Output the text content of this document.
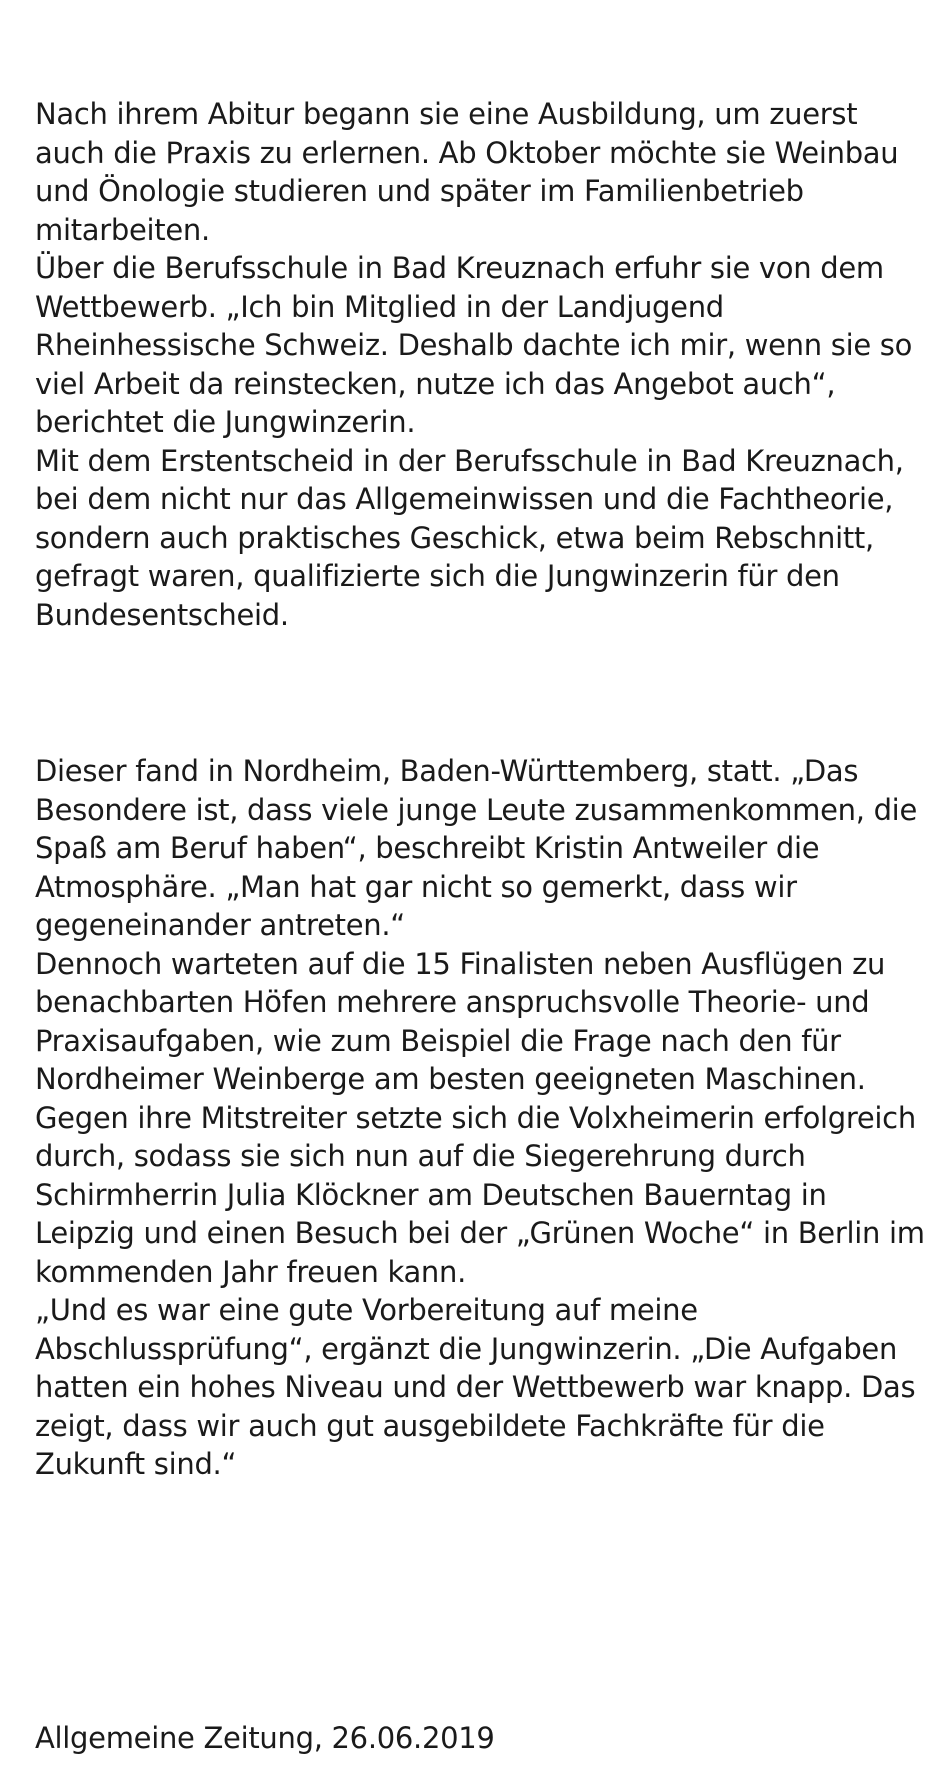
Nach ihrem Abitur begann sie eine Ausbildung, um zuerst auch die Praxis zu erlernen. Ab Oktober möchte sie Weinbau und Önologie studieren und später im Familienbetrieb mitarbeiten.

Über die Berufsschule in Bad Kreuznach erfuhr sie von dem Wettbewerb. „Ich bin Mitglied in der Landjugend Rheinhessische Schweiz. Deshalb dachte ich mir, wenn sie so viel Arbeit da reinstecken, nutze ich das Angebot auch“, berichtet die Jungwinzerin.

Mit dem Erstentscheid in der Berufsschule in Bad Kreuznach, bei dem nicht nur das Allgemeinwissen und die Fachtheorie, sondern auch praktisches Geschick, etwa beim Rebschnitt, gefragt waren, qualifizierte sich die Jungwinzerin für den Bundesentscheid.

Dieser fand in Nordheim, Baden-Württemberg, statt. „Das Besondere ist, dass viele junge Leute zusammenkommen, die Spaß am Beruf haben“, beschreibt Kristin Antweiler die Atmosphäre. „Man hat gar nicht so gemerkt, dass wir gegeneinander antreten.“

Dennoch warteten auf die 15 Finalisten neben Ausflügen zu benachbarten Höfen mehrere anspruchsvolle Theorie- und Praxisaufgaben, wie zum Beispiel die Frage nach den für Nordheimer Weinberge am besten geeigneten Maschinen.

Gegen ihre Mitstreiter setzte sich die Volxheimerin erfolgreich durch, sodass sie sich nun auf die Siegerehrung durch Schirmherrin Julia Klöckner am Deutschen Bauerntag in Leipzig und einen Besuch bei der „Grünen Woche“ in Berlin im kommenden Jahr freuen kann.

„Und es war eine gute Vorbereitung auf meine Abschlussprüfung“, ergänzt die Jungwinzerin. „Die Aufgaben hatten ein hohes Niveau und der Wettbewerb war knapp. Das zeigt, dass wir auch gut ausgebildete Fachkräfte für die Zukunft sind.“

Allgemeine Zeitung, 26.06.2019
